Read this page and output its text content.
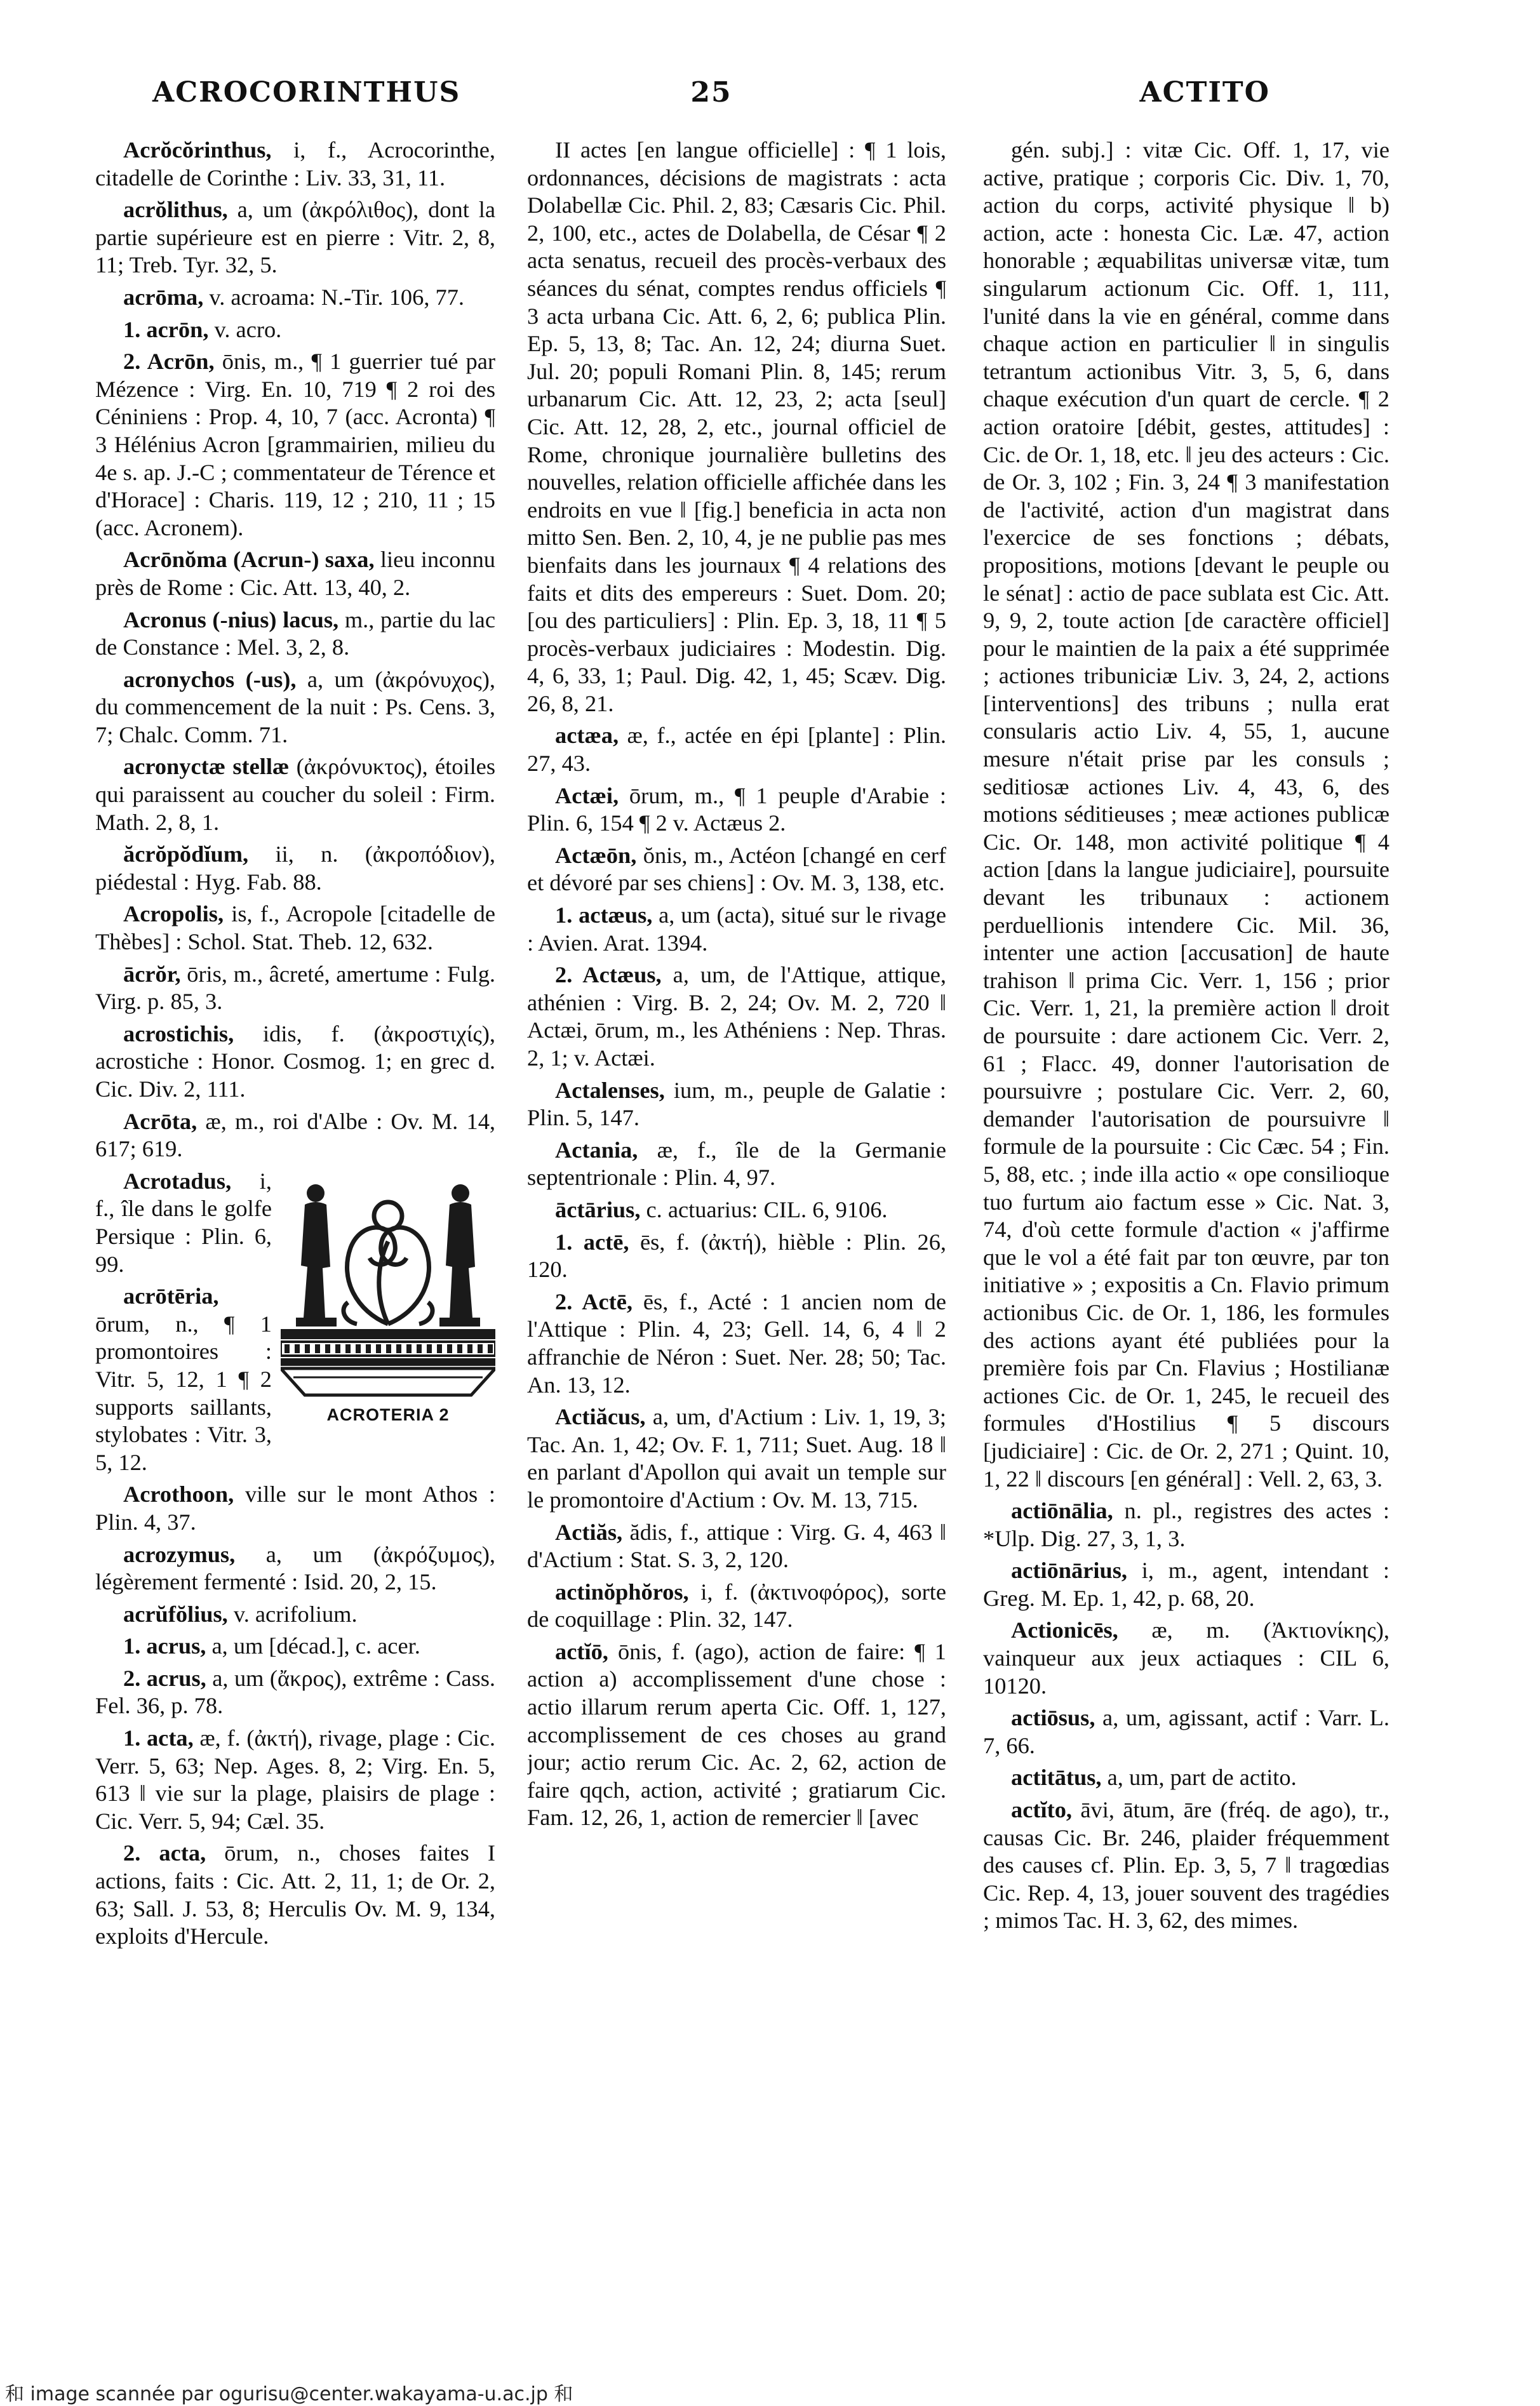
ACROCORINTHUS	25	ACTITO

Acrŏcŏrinthus, i, f., Acrocorinthe, citadelle de Corinthe : Liv. 33, 31, 11.

acrŏlithus, a, um (ἀκρόλιθος), dont la partie supérieure est en pierre : Vitr. 2, 8, 11; Treb. Tyr. 32, 5.

acrōma, v. acroama: N.-Tir. 106, 77.

1. acrōn, v. acro.

2. Acrōn, ōnis, m., ¶ 1 guerrier tué par Mézence : Virg. En. 10, 719 ¶ 2 roi des Céniniens : Prop. 4, 10, 7 (acc. Acronta) ¶ 3 Hélénius Acron [grammairien, milieu du 4e s. ap. J.-C ; commentateur de Térence et d'Horace] : Charis. 119, 12 ; 210, 11 ; 15 (acc. Acronem).

Acrōnŏma (Acrun-) saxa, lieu inconnu près de Rome : Cic. Att. 13, 40, 2.

Acronus (-nius) lacus, m., partie du lac de Constance : Mel. 3, 2, 8.

acronychos (-us), a, um (ἀκρόνυχος), du commencement de la nuit : Ps. Cens. 3, 7; Chalc. Comm. 71.

acronyctæ stellæ (ἀκρόνυκτος), étoiles qui paraissent au coucher du soleil : Firm. Math. 2, 8, 1.

ăcrŏpŏdĭum, ii, n. (ἀκροπόδιον), piédestal : Hyg. Fab. 88.

Acropolis, is, f., Acropole [citadelle de Thèbes] : Schol. Stat. Theb. 12, 632.

ācrŏr, ōris, m., âcreté, amertume : Fulg. Virg. p. 85, 3.

acrostichis, idis, f. (ἀκροστιχίς), acrostiche : Honor. Cosmog. 1; en grec d. Cic. Div. 2, 111.

Acrōta, æ, m., roi d'Albe : Ov. M. 14, 617; 619.

ACROTERIA 2

Acrotadus, i, f., île dans le golfe Persique : Plin. 6, 99.

acrōtēria, ōrum, n., ¶ 1 promontoires : Vitr. 5, 12, 1 ¶ 2 supports saillants, stylobates : Vitr. 3, 5, 12.

Acrothoon, ville sur le mont Athos : Plin. 4, 37.

acrozymus, a, um (ἀκρόζυμος), légèrement fermenté : Isid. 20, 2, 15.

acrŭfŏlius, v. acrifolium.

1. acrus, a, um [décad.], c. acer.

2. acrus, a, um (ἄκρος), extrême : Cass. Fel. 36, p. 78.

1. acta, æ, f. (ἀκτή), rivage, plage : Cic. Verr. 5, 63; Nep. Ages. 8, 2; Virg. En. 5, 613 ‖ vie sur la plage, plaisirs de plage : Cic. Verr. 5, 94; Cæl. 35.

2. acta, ōrum, n., choses faites I actions, faits : Cic. Att. 2, 11, 1; de Or. 2, 63; Sall. J. 53, 8; Herculis Ov. M. 9, 134, exploits d'Hercule.

II actes [en langue officielle] : ¶ 1 lois, ordonnances, décisions de magistrats : acta Dolabellæ Cic. Phil. 2, 83; Cæsaris Cic. Phil. 2, 100, etc., actes de Dolabella, de César ¶ 2 acta senatus, recueil des procès-verbaux des séances du sénat, comptes rendus officiels ¶ 3 acta urbana Cic. Att. 6, 2, 6; publica Plin. Ep. 5, 13, 8; Tac. An. 12, 24; diurna Suet. Jul. 20; populi Romani Plin. 8, 145; rerum urbanarum Cic. Att. 12, 23, 2; acta [seul] Cic. Att. 12, 28, 2, etc., journal officiel de Rome, chronique journalière bulletins des nouvelles, relation officielle affichée dans les endroits en vue ‖ [fig.] beneficia in acta non mitto Sen. Ben. 2, 10, 4, je ne publie pas mes bienfaits dans les journaux ¶ 4 relations des faits et dits des empereurs : Suet. Dom. 20; [ou des particuliers] : Plin. Ep. 3, 18, 11 ¶ 5 procès-verbaux judiciaires : Modestin. Dig. 4, 6, 33, 1; Paul. Dig. 42, 1, 45; Scæv. Dig. 26, 8, 21.

actæa, æ, f., actée en épi [plante] : Plin. 27, 43.

Actæi, ōrum, m., ¶ 1 peuple d'Arabie : Plin. 6, 154 ¶ 2 v. Actæus 2.

Actæōn, ŏnis, m., Actéon [changé en cerf et dévoré par ses chiens] : Ov. M. 3, 138, etc.

1. actæus, a, um (acta), situé sur le rivage : Avien. Arat. 1394.

2. Actæus, a, um, de l'Attique, attique, athénien : Virg. B. 2, 24; Ov. M. 2, 720 ‖ Actæi, ōrum, m., les Athéniens : Nep. Thras. 2, 1; v. Actæi.

Actalenses, ium, m., peuple de Galatie : Plin. 5, 147.

Actania, æ, f., île de la Germanie septentrionale : Plin. 4, 97.

āctārius, c. actuarius: CIL. 6, 9106.

1. actē, ēs, f. (ἀκτή), hièble : Plin. 26, 120.

2. Actē, ēs, f., Acté : 1 ancien nom de l'Attique : Plin. 4, 23; Gell. 14, 6, 4 ‖ 2 affranchie de Néron : Suet. Ner. 28; 50; Tac. An. 13, 12.

Actiăcus, a, um, d'Actium : Liv. 1, 19, 3; Tac. An. 1, 42; Ov. F. 1, 711; Suet. Aug. 18 ‖ en parlant d'Apollon qui avait un temple sur le promontoire d'Actium : Ov. M. 13, 715.

Actiăs, ădis, f., attique : Virg. G. 4, 463 ‖ d'Actium : Stat. S. 3, 2, 120.

actinŏphŏros, i, f. (ἀκτινοφόρος), sorte de coquillage : Plin. 32, 147.

actĭō, ōnis, f. (ago), action de faire: ¶ 1 action a) accomplissement d'une chose : actio illarum rerum aperta Cic. Off. 1, 127, accomplissement de ces choses au grand jour; actio rerum Cic. Ac. 2, 62, action de faire qqch, action, activité ; gratiarum Cic. Fam. 12, 26, 1, action de remercier ‖ [avec

gén. subj.] : vitæ Cic. Off. 1, 17, vie active, pratique ; corporis Cic. Div. 1, 70, action du corps, activité physique ‖ b) action, acte : honesta Cic. Læ. 47, action honorable ; æquabilitas universæ vitæ, tum singularum actionum Cic. Off. 1, 111, l'unité dans la vie en général, comme dans chaque action en particulier ‖ in singulis tetrantum actionibus Vitr. 3, 5, 6, dans chaque exécution d'un quart de cercle. ¶ 2 action oratoire [débit, gestes, attitudes] : Cic. de Or. 1, 18, etc. ‖ jeu des acteurs : Cic. de Or. 3, 102 ; Fin. 3, 24 ¶ 3 manifestation de l'activité, action d'un magistrat dans l'exercice de ses fonctions ; débats, propositions, motions [devant le peuple ou le sénat] : actio de pace sublata est Cic. Att. 9, 9, 2, toute action [de caractère officiel] pour le maintien de la paix a été supprimée ; actiones tribuniciæ Liv. 3, 24, 2, actions [interventions] des tribuns ; nulla erat consularis actio Liv. 4, 55, 1, aucune mesure n'était prise par les consuls ; seditiosæ actiones Liv. 4, 43, 6, des motions séditieuses ; meæ actiones publicæ Cic. Or. 148, mon activité politique ¶ 4 action [dans la langue judiciaire], poursuite devant les tribunaux : actionem perduellionis intendere Cic. Mil. 36, intenter une action [accusation] de haute trahison ‖ prima Cic. Verr. 1, 156 ; prior Cic. Verr. 1, 21, la première action ‖ droit de poursuite : dare actionem Cic. Verr. 2, 61 ; Flacc. 49, donner l'autorisation de poursuivre ; postulare Cic. Verr. 2, 60, demander l'autorisation de poursuivre ‖ formule de la poursuite : Cic Cæc. 54 ; Fin. 5, 88, etc. ; inde illa actio « ope consilioque tuo furtum aio factum esse » Cic. Nat. 3, 74, d'où cette formule d'action « j'affirme que le vol a été fait par ton œuvre, par ton initiative » ; expositis a Cn. Flavio primum actionibus Cic. de Or. 1, 186, les formules des actions ayant été publiées pour la première fois par Cn. Flavius ; Hostilianæ actiones Cic. de Or. 1, 245, le recueil des formules d'Hostilius ¶ 5 discours [judiciaire] : Cic. de Or. 2, 271 ; Quint. 10, 1, 22 ‖ discours [en général] : Vell. 2, 63, 3.

actiōnālia, n. pl., registres des actes : *Ulp. Dig. 27, 3, 1, 3.

actiōnārius, i, m., agent, intendant : Greg. M. Ep. 1, 42, p. 68, 20.

Actionicēs, æ, m. (Ἀκτιονίκης), vainqueur aux jeux actiaques : CIL 6, 10120.

actiōsus, a, um, agissant, actif : Varr. L. 7, 66.

actitātus, a, um, part de actito.

actĭto, āvi, ātum, āre (fréq. de ago), tr., causas Cic. Br. 246, plaider fréquemment des causes cf. Plin. Ep. 3, 5, 7 ‖ tragœdias Cic. Rep. 4, 13, jouer souvent des tragédies ; mimos Tac. H. 3, 62, des mimes.

和 image scannée par ogurisu@center.wakayama-u.ac.jp 和
